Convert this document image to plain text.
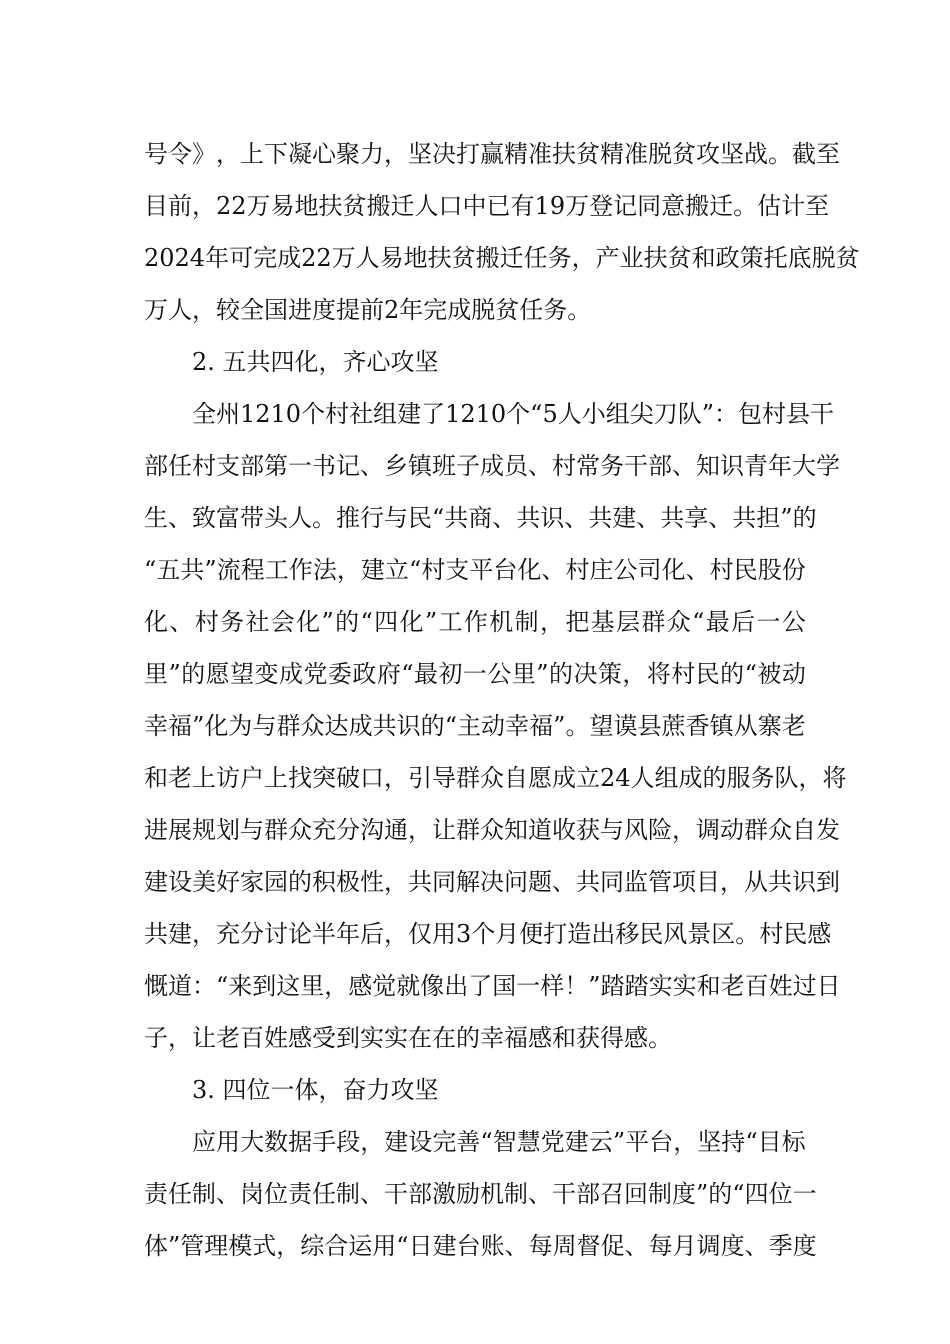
号 令 》 ， 上 下 凝 心 聚 力 ， 坚 决 打 赢 精 准 扶 贫 精 准 脱 贫 攻 坚 战 。 截 至
目 前 ， 22 万 易 地 扶 贫 搬 迁 人 口 中 已 有 19 万 登 记 同 意 搬 迁 。 估 计 至
2024 年 可 完 成 22 万 人 易 地 扶 贫 搬 迁 任 务 ， 产 业 扶 贫 和 政 策 托 底 脱 贫
万人，较全国进度提前2年完成脱贫任务。
2. 五共四化，齐心攻坚
全 州 1210 个 村 社 组 建 了 1210 个 “ 5 人 小 组 尖 刀 队 ” ： 包 村 县 干
部 任 村 支 部 第 一 书 记 、 乡 镇 班 子 成 员 、 村 常 务 干 部 、 知 识 青 年 大 学
生 、 致 富 带 头 人 。 推 行 与 民 “ 共 商 、 共 识 、 共 建 、 共 享 、 共 担 ” 的
“ 五 共 ” 流 程 工 作 法 ， 建 立 “ 村 支 平 台 化 、 村 庄 公 司 化 、 村 民 股 份
化 、 村 务 社 会 化 ” 的 “ 四 化 ” 工 作 机 制 ， 把 基 层 群 众 “ 最 后 一 公
里 ” 的 愿 望 变 成 党 委 政 府 “ 最 初 一 公 里 ” 的 决 策 ， 将 村 民 的 “ 被 动
幸 福 ” 化 为 与 群 众 达 成 共 识 的 “ 主 动 幸 福 ” 。 望 谟 县 蔗 香 镇 从 寨 老
和 老 上 访 户 上 找 突 破 口 ， 引 导 群 众 自 愿 成 立 24 人 组 成 的 服 务 队 ， 将
进 展 规 划 与 群 众 充 分 沟 通 ， 让 群 众 知 道 收 获 与 风 险 ， 调 动 群 众 自 发
建 设 美 好 家 园 的 积 极 性 ， 共 同 解 决 问 题 、 共 同 监 管 项 目 ， 从 共 识 到
共 建 ， 充 分 讨 论 半 年 后 ， 仅 用 3 个 月 便 打 造 出 移 民 风 景 区 。 村 民 感
慨 道 ： “ 来 到 这 里 ， 感 觉 就 像 出 了 国 一 样 ！ ” 踏 踏 实 实 和 老 百 姓 过 日
子，让老百姓感受到实实在在的幸福感和获得感。
3. 四位一体，奋力攻坚
应 用 大 数 据 手 段 ， 建 设 完 善 “ 智 慧 党 建 云 ” 平 台 ， 坚 持 “ 目 标
责 任 制 、 岗 位 责 任 制 、 干 部 激 励 机 制 、 干 部 召 回 制 度 ” 的 “ 四 位 一
体 ” 管 理 模 式 ， 综 合 运 用 “ 日 建 台 账 、 每 周 督 促 、 每 月 调 度 、 季 度
